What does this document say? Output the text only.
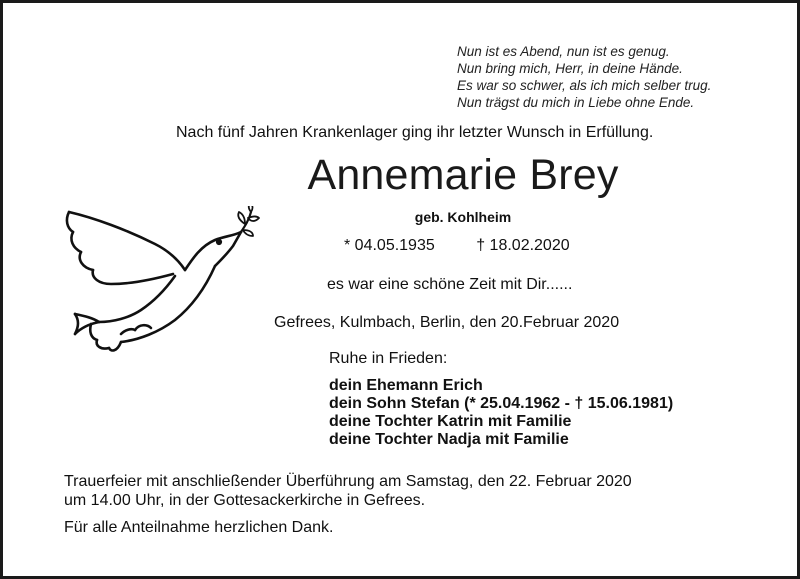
Nun ist es Abend, nun ist es genug.
Nun bring mich, Herr, in deine Hände.
Es war so schwer, als ich mich selber trug.
Nun trägst du mich in Liebe ohne Ende.
Nach fünf Jahren Krankenlager ging ihr letzter Wunsch in Erfüllung.
Annemarie Brey
geb. Kohlheim
* 04.05.1935	† 18.02.2020
es war eine schöne Zeit mit Dir......
Gefrees, Kulmbach, Berlin, den 20.Februar 2020
Ruhe in Frieden:
dein Ehemann Erich
dein Sohn Stefan (* 25.04.1962 - † 15.06.1981)
deine Tochter Katrin mit Familie
deine Tochter Nadja mit Familie
Trauerfeier mit anschließender Überführung am Samstag, den 22. Februar 2020
um 14.00 Uhr, in der Gottesackerkirche in Gefrees.
Für alle Anteilnahme herzlichen Dank.
